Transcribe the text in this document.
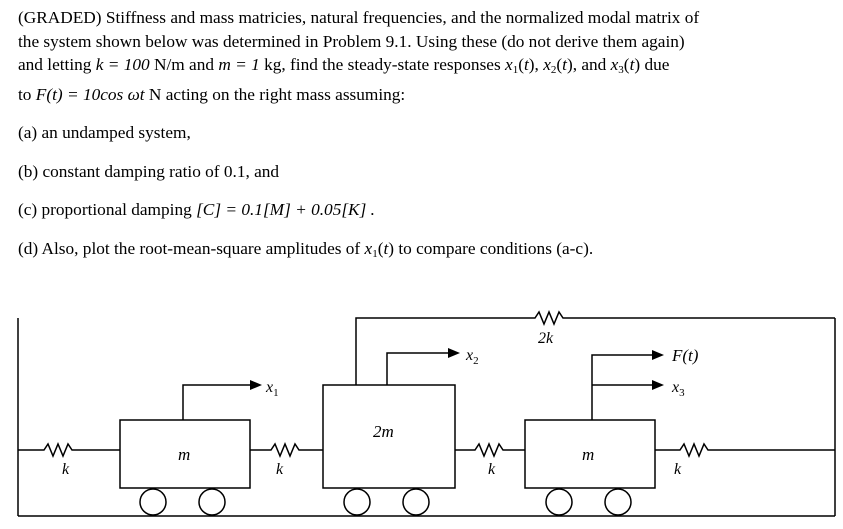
(GRADED) Stiffness and mass matricies, natural frequencies, and the normalized modal matrix of

the system shown below was determined in Problem 9.1. Using these (do not derive them again)

and letting k = 100 N/m and m = 1 kg, find the steady-state responses $x_1(t)$, $x_2(t)$, and $x_3(t)$ due

to F(t) = 10cos ωt N acting on the right mass assuming:

(a) an undamped system,

(b) constant damping ratio of 0.1, and

(c) proportional damping [C] = 0.1[M] + 0.05[K] .

(d) Also, plot the root-mean-square amplitudes of $x_1(t)$ to compare conditions (a-c).

m
2m
m
k	k	k	k
2k
$x_1$
$x_2$
$x_3$
F(t)
